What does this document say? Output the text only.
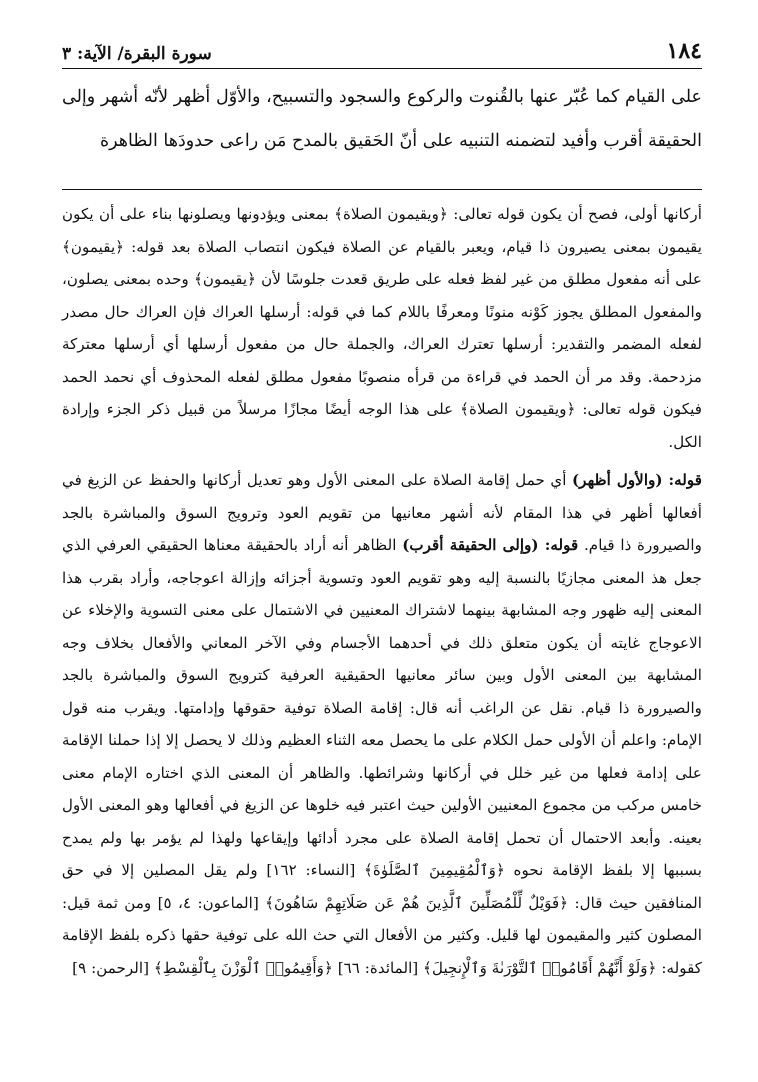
١٨٤
سورة البقرة/ الآية: ٣
على القيام كما عُبّر عنها بالقُنوت والركوع والسجود والتسبيح، والأوّل أظهر لأنّه أشهر وإلى الحقيقة أقرب وأفيد لتضمنه التنبيه على أنّ الحَقيق بالمدح مَن راعى حدودَها الظاهرة

أركانها أولى، فصح أن يكون قوله تعالى: ﴿ويقيمون الصلاة﴾ بمعنى ويؤدونها ويصلونها بناء على أن يكون يقيمون بمعنى يصيرون ذا قيام، ويعبر بالقيام عن الصلاة فيكون انتصاب الصلاة بعد قوله: ﴿يقيمون﴾ على أنه مفعول مطلق من غير لفظ فعله على طريق قعدت جلوسًا لأن ﴿يقيمون﴾ وحده بمعنى يصلون، والمفعول المطلق يجوز كَوْنه منونًا ومعرفًا باللام كما في قوله: أرسلها العراك فإن العراك حال مصدر لفعله المضمر والتقدير: أرسلها تعترك العراك، والجملة حال من مفعول أرسلها أي أرسلها معتركة مزدحمة. وقد مر أن الحمد في قراءة من قرأه منصوبًا مفعول مطلق لفعله المحذوف أي نحمد الحمد فيكون قوله تعالى: ﴿ويقيمون الصلاة﴾ على هذا الوجه أيضًا مجازًا مرسلاً من قبيل ذكر الجزء وإرادة الكل.

قوله: (والأول أظهر) أي حمل إقامة الصلاة على المعنى الأول وهو تعديل أركانها والحفظ عن الزيغ في أفعالها أظهر في هذا المقام لأنه أشهر معانيها من تقويم العود وترويج السوق والمباشرة بالجد والصيرورة ذا قيام. قوله: (وإلى الحقيقة أقرب) الظاهر أنه أراد بالحقيقة معناها الحقيقي العرفي الذي جعل هذ المعنى مجازيًا بالنسبة إليه وهو تقويم العود وتسوية أجزائه وإزالة اعوجاجه، وأراد بقرب هذا المعنى إليه ظهور وجه المشابهة بينهما لاشتراك المعنيين في الاشتمال على معنى التسوية والإخلاء عن الاعوجاج غايته أن يكون متعلق ذلك في أحدهما الأجسام وفي الآخر المعاني والأفعال بخلاف وجه المشابهة بين المعنى الأول وبين سائر معانيها الحقيقية العرفية كترويج السوق والمباشرة بالجد والصيرورة ذا قيام. نقل عن الراغب أنه قال: إقامة الصلاة توفية حقوقها وإدامتها. ويقرب منه قول الإمام: واعلم أن الأولى حمل الكلام على ما يحصل معه الثناء العظيم وذلك لا يحصل إلا إذا حملنا الإقامة على إدامة فعلها من غير خلل في أركانها وشرائطها. والظاهر أن المعنى الذي اختاره الإمام معنى خامس مركب من مجموع المعنيين الأولين حيث اعتبر فيه خلوها عن الزيغ في أفعالها وهو المعنى الأول بعينه. وأبعد الاحتمال أن تحمل إقامة الصلاة على مجرد أدائها وإيقاعها ولهذا لم يؤمر بها ولم يمدح بسببها إلا بلفظ الإقامة نحوه ﴿وَٱلْمُقِيمِينَ ٱلصَّلَوٰةَ﴾ [النساء: ١٦٢] ولم يقل المصلين إلا في حق المنافقين حيث قال: ﴿فَوَيْلٌ لِّلْمُصَلِّينَ ٱلَّذِينَ هُمْ عَن صَلَاتِهِمْ سَاهُونَ﴾ [الماعون: ٤، ٥] ومن ثمة قيل: المصلون كثير والمقيمون لها قليل. وكثير من الأفعال التي حث الله على توفية حقها ذكره بلفظ الإقامة كقوله: ﴿وَلَوْ أَنَّهُمْ أَقَامُوا۟ ٱلتَّوْرَىٰةَ وَٱلْإِنجِيلَ﴾ [المائدة: ٦٦] ﴿وَأَقِيمُوا۟ ٱلْوَزْنَ بِٱلْقِسْطِ﴾ [الرحمن: ٩]
